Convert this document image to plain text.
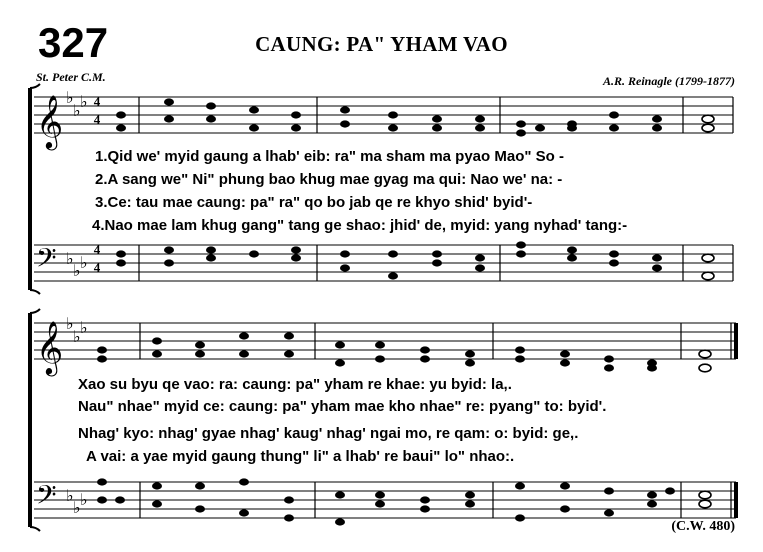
327	CAUNG: PA" YHAM VAO
St. Peter C.M.	A.R. Reinagle (1799-1877)
(C.W. 480)
𝄞
𝄢
♭
♭ ♭
♭
♭ ♭
4
4
4
4
𝄞
𝄢
♭
♭ ♭
♭
♭ ♭
1.Qid we' myid gaung a lhab' eib: ra" ma sham ma pyao Mao" So -
2.A sang we" Ni" phung bao khug mae gyag ma qui: Nao we' na: -
3.Ce: tau mae caung: pa" ra" qo bo jab qe re khyo shid' byid'-
4.Nao mae lam khug gang" tang ge shao: jhid' de, myid: yang nyhad' tang:-
Xao su byu qe vao: ra: caung: pa" yham re khae: yu byid: la,.
Nau" nhae" myid ce: caung: pa" yham mae kho nhae" re: pyang" to: byid'.
Nhag' kyo: nhag' gyae nhag' kaug' nhag' ngai mo, re qam: o: byid: ge,.
A vai: a yae myid gaung thung" li" a lhab' re baui" lo" nhao:.
